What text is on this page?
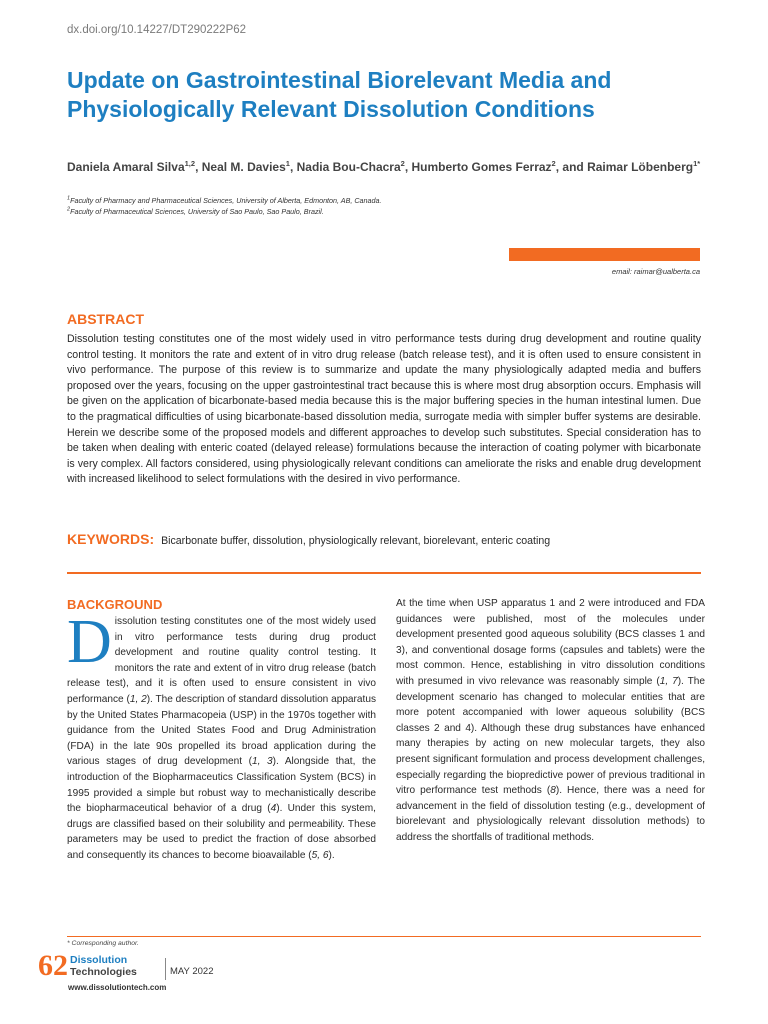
dx.doi.org/10.14227/DT290222P62
Update on Gastrointestinal Biorelevant Media and Physiologically Relevant Dissolution Conditions
Daniela Amaral Silva$^{1,2}$, Neal M. Davies$^1$, Nadia Bou-Chacra$^2$, Humberto Gomes Ferraz$^2$, and Raimar Löbenberg$^{1*}$
$^1$Faculty of Pharmacy and Pharmaceutical Sciences, University of Alberta, Edmonton, AB, Canada.
$^2$Faculty of Pharmaceutical Sciences, University of Sao Paulo, Sao Paulo, Brazil.
email: raimar@ualberta.ca
ABSTRACT

Dissolution testing constitutes one of the most widely used in vitro performance tests during drug development and routine quality control testing. It monitors the rate and extent of in vitro drug release (batch release test), and it is often used to ensure consistent in vivo performance. The purpose of this review is to summarize and update the many physiologically adapted media and buffers proposed over the years, focusing on the upper gastrointestinal tract because this is where most drug absorption occurs. Emphasis will be given on the application of bicarbonate-based media because this is the major buffering species in the human intestinal lumen. Due to the pragmatical difficulties of using bicarbonate-based dissolution media, surrogate media with simpler buffer systems are desirable. Herein we describe some of the proposed models and different approaches to develop such substitutes. Special consideration has to be taken when dealing with enteric coated (delayed release) formulations because the interaction of coating polymer with bicarbonate is very complex. All factors considered, using physiologically relevant conditions can ameliorate the risks and enable drug development with increased likelihood to select formulations with the desired in vivo performance.

KEYWORDS: Bicarbonate buffer, dissolution, physiologically relevant, biorelevant, enteric coating
BACKGROUND

Dissolution testing constitutes one of the most widely used in vitro performance tests during drug product development and routine quality control testing. It monitors the rate and extent of in vitro drug release (batch release test), and it is often used to ensure consistent in vivo performance (1, 2). The description of standard dissolution apparatus by the United States Pharmacopeia (USP) in the 1970s together with guidance from the United States Food and Drug Administration (FDA) in the late 90s propelled its broad application during the various stages of drug development (1, 3). Alongside that, the introduction of the Biopharmaceutics Classification System (BCS) in 1995 provided a simple but robust way to mechanistically describe the biopharmaceutical behavior of a drug (4). Under this system, drugs are classified based on their solubility and permeability. These parameters may be used to predict the fraction of dose absorbed and consequently its chances to become bioavailable (5, 6).

At the time when USP apparatus 1 and 2 were introduced and FDA guidances were published, most of the molecules under development presented good aqueous solubility (BCS classes 1 and 3), and conventional dosage forms (capsules and tablets) were the most common. Hence, establishing in vitro dissolution conditions with presumed in vivo relevance was reasonably simple (1, 7). The development scenario has changed to molecular entities that are more potent accompanied with lower aqueous solubility (BCS classes 2 and 4). Although these drug substances have enhanced many therapies by acting on new molecular targets, they also present significant formulation and process development challenges, especially regarding the biopredictive power of previous traditional in vitro performance test methods (8). Hence, there was a need for advancement in the field of dissolution testing (e.g., development of biorelevant and physiologically relevant dissolution methods) to address the shortfalls of traditional methods.

* Corresponding author.
62 Dissolution
Technologies	MAY 2022
www.dissolutiontech.com
